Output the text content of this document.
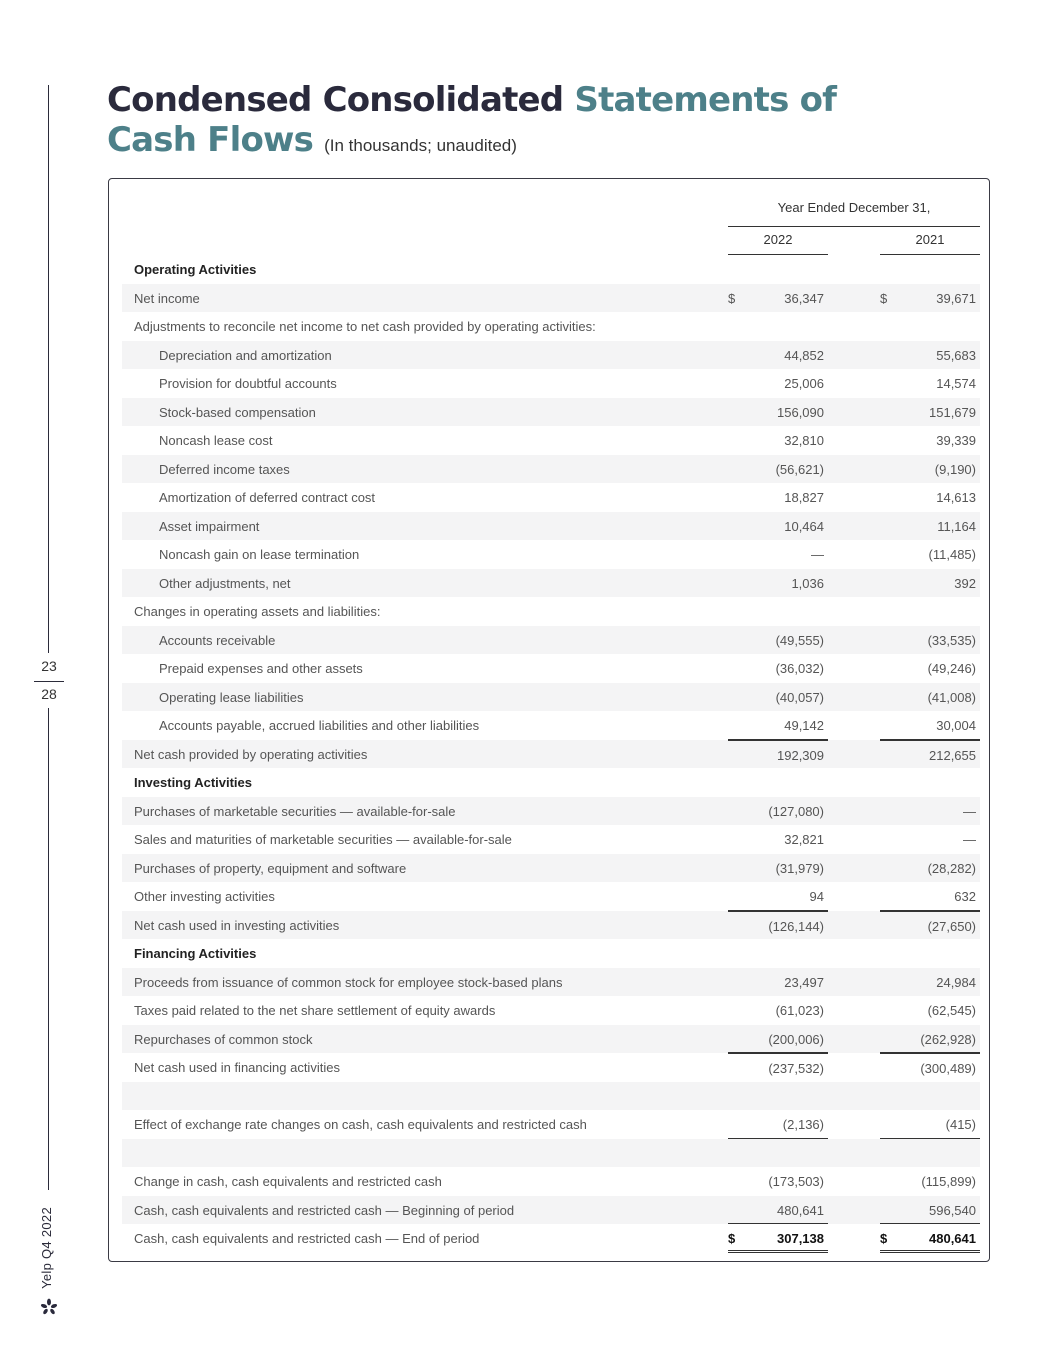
23
28
Yelp Q4 2022
Condensed Consolidated Statements of
Cash Flows (In thousands; unaudited)
Year Ended December 31,
2022	2021
Operating Activities
Net income	$	36,347	$	39,671
Adjustments to reconcile net income to net cash provided by operating activities:
Depreciation and amortization	44,852	55,683
Provision for doubtful accounts	25,006	14,574
Stock-based compensation	156,090	151,679
Noncash lease cost	32,810	39,339
Deferred income taxes	(56,621)	(9,190)
Amortization of deferred contract cost	18,827	14,613
Asset impairment	10,464	11,164
Noncash gain on lease termination	—	(11,485)
Other adjustments, net	1,036	392
Changes in operating assets and liabilities:
Accounts receivable	(49,555)	(33,535)
Prepaid expenses and other assets	(36,032)	(49,246)
Operating lease liabilities	(40,057)	(41,008)
Accounts payable, accrued liabilities and other liabilities	49,142	30,004
Net cash provided by operating activities	192,309	212,655
Investing Activities
Purchases of marketable securities — available-for-sale	(127,080)	—
Sales and maturities of marketable securities — available-for-sale	32,821	—
Purchases of property, equipment and software	(31,979)	(28,282)
Other investing activities	94	632
Net cash used in investing activities	(126,144)	(27,650)
Financing Activities
Proceeds from issuance of common stock for employee stock-based plans	23,497	24,984
Taxes paid related to the net share settlement of equity awards	(61,023)	(62,545)
Repurchases of common stock	(200,006)	(262,928)
Net cash used in financing activities	(237,532)	(300,489)
Effect of exchange rate changes on cash, cash equivalents and restricted cash	(2,136)	(415)
Change in cash, cash equivalents and restricted cash	(173,503)	(115,899)
Cash, cash equivalents and restricted cash — Beginning of period	480,641	596,540
Cash, cash equivalents and restricted cash — End of period	$	307,138	$	480,641
